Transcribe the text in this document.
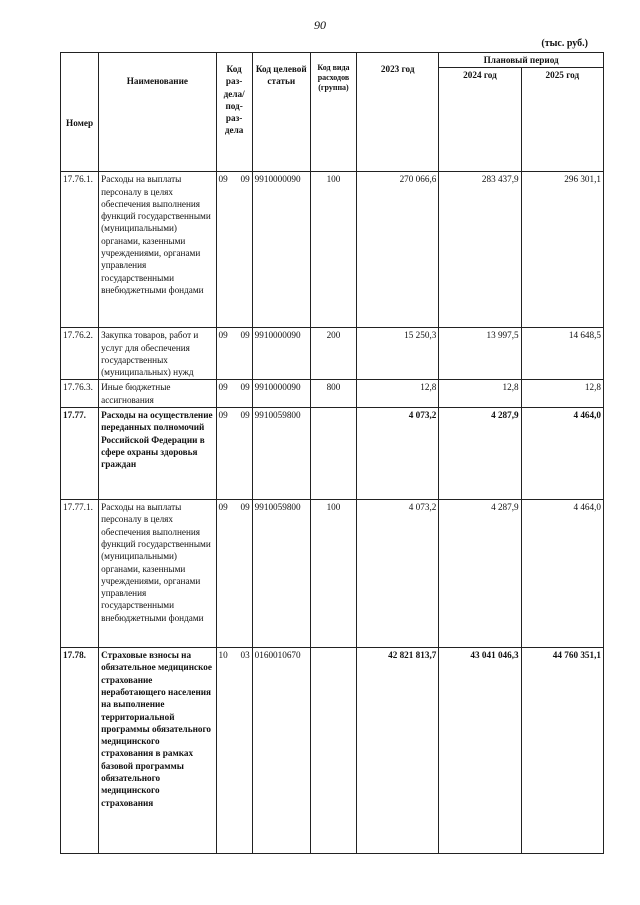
90
(тыс. руб.)
Номер	Наименование	Код раз-дела/ под-раз-дела	Код целевой статьи	Код вида расходов (группа)	2023 год	Плановый период	
						2024 год	2025 год
17.76.1.	Расходы на выплаты персоналу в целях обеспечения выполнения функций государственными (муниципальными) органами, казенными учреждениями, органами управления государственными внебюджетными фондами	09 09	9910000090	100	270 066,6	283 437,9	296 301,1
17.76.2.	Закупка товаров, работ и услуг для обеспечения государственных (муниципальных) нужд	09 09	9910000090	200	15 250,3	13 997,5	14 648,5
17.76.3.	Иные бюджетные ассигнования	09 09	9910000090	800	12,8	12,8	12,8
17.77.	Расходы на осуществление переданных полномочий Российской Федерации в сфере охраны здоровья граждан	09 09	9910059800		4 073,2	4 287,9	4 464,0
17.77.1.	Расходы на выплаты персоналу в целях обеспечения выполнения функций государственными (муниципальными) органами, казенными учреждениями, органами управления государственными внебюджетными фондами	09 09	9910059800	100	4 073,2	4 287,9	4 464,0
17.78.	Страховые взносы на обязательное медицинское страхование неработающего населения на выполнение территориальной программы обязательного медицинского страхования в рамках базовой программы обязательного медицинского страхования	10 03	0160010670		42 821 813,7	43 041 046,3	44 760 351,1
